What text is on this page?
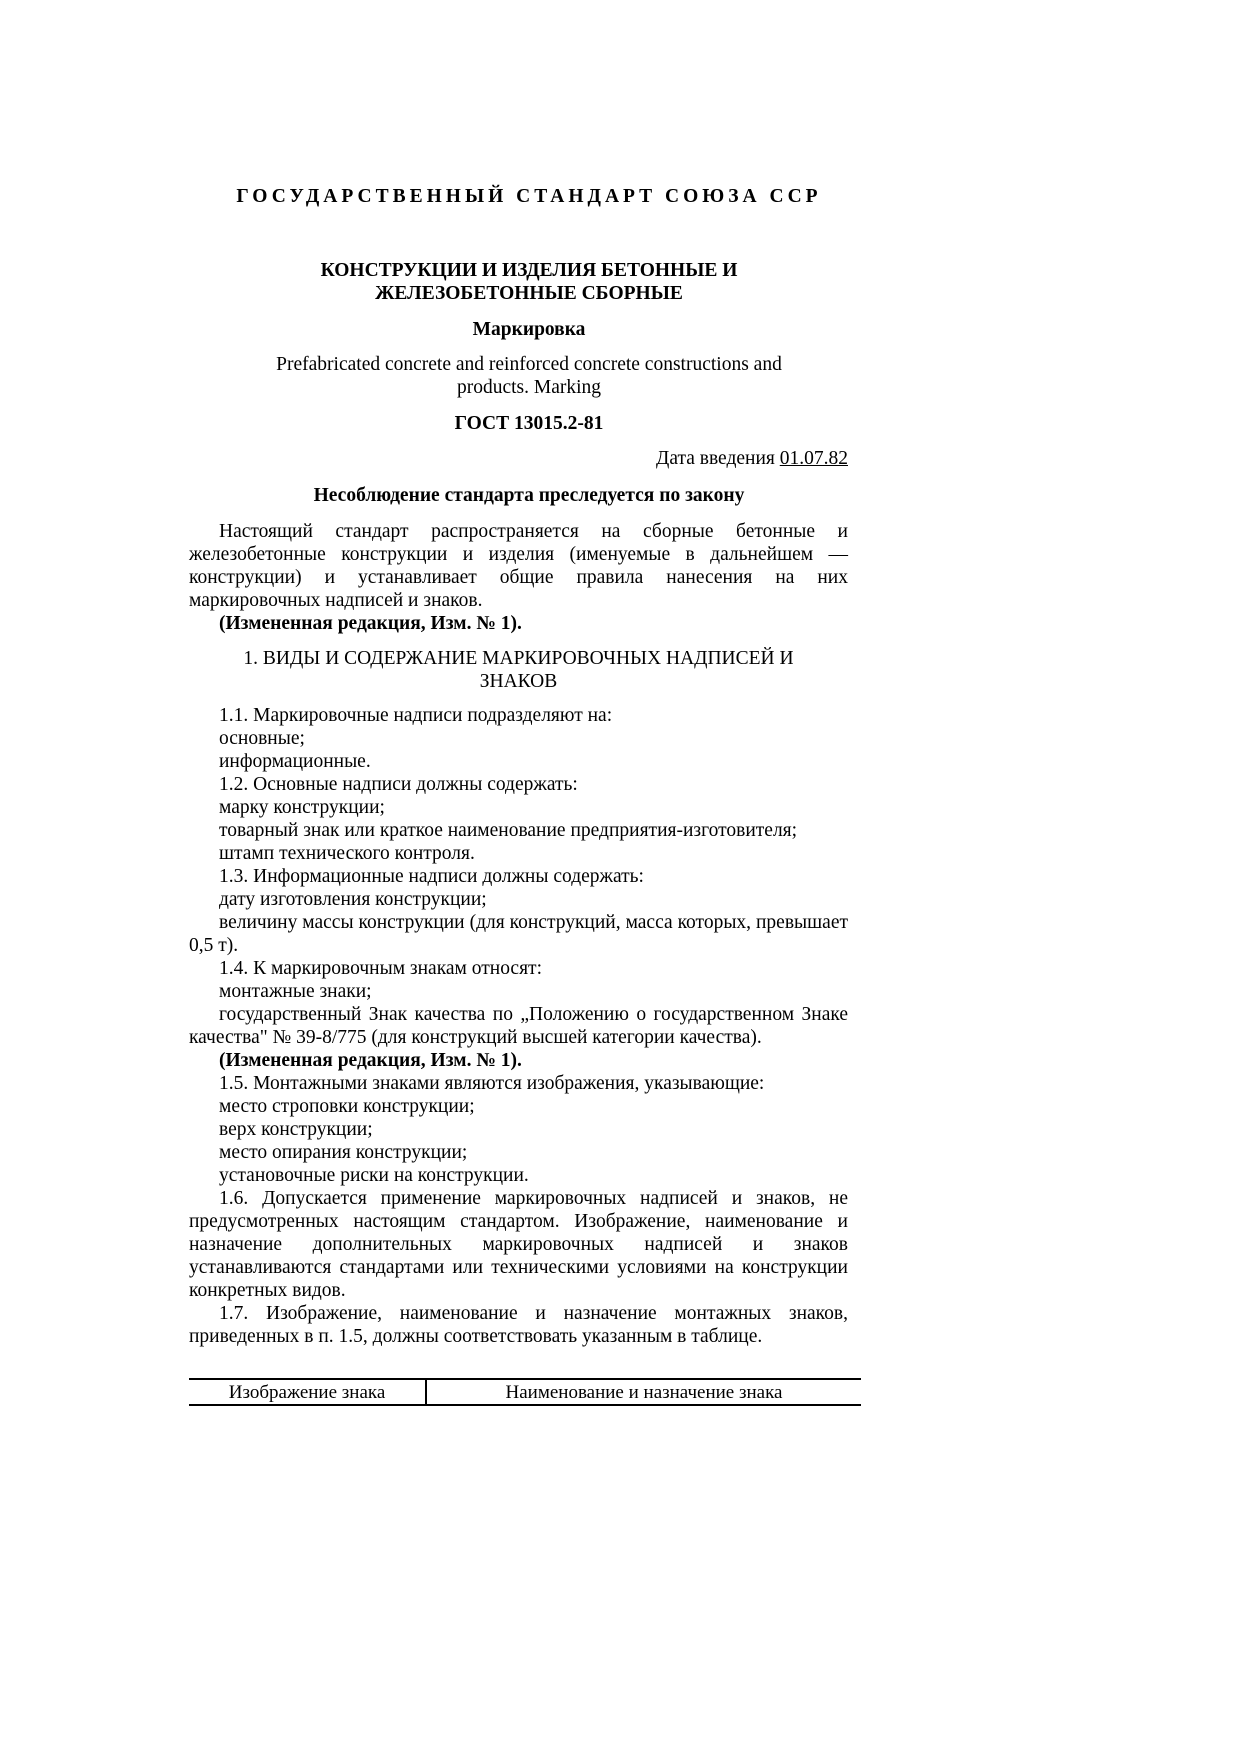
ГОСУДАРСТВЕННЫЙ СТАНДАРТ СОЮЗА ССР
КОНСТРУКЦИИ И ИЗДЕЛИЯ БЕТОННЫЕ И
ЖЕЛЕЗОБЕТОННЫЕ СБОРНЫЕ
Маркировка
Prefabricated concrete and reinforced concrete constructions and products. Marking
ГОСТ 13015.2-81
Дата введения 01.07.82
Несоблюдение стандарта преследуется по закону

Настоящий стандарт распространяется на сборные бетонные и железобетонные конструкции и изделия (именуемые в дальнейшем — конструкции) и устанавливает общие правила нанесения на них маркировочных надписей и знаков.

(Измененная редакция, Изм. № 1).

1. ВИДЫ И СОДЕРЖАНИЕ МАРКИРОВОЧНЫХ НАДПИСЕЙ И ЗНАКОВ

1.1. Маркировочные надписи подразделяют на:

основные;

информационные.

1.2. Основные надписи должны содержать:

марку конструкции;

товарный знак или краткое наименование предприятия-изготовителя;

штамп технического контроля.

1.3. Информационные надписи должны содержать:

дату изготовления конструкции;

величину массы конструкции (для конструкций, масса которых, превышает 0,5 т).

1.4. К маркировочным знакам относят:

монтажные знаки;

государственный Знак качества по „Положению о государственном Знаке качества" № 39-8/775 (для конструкций высшей категории качества).

(Измененная редакция, Изм. № 1).

1.5. Монтажными знаками являются изображения, указывающие:

место строповки конструкции;

верх конструкции;

место опирания конструкции;

установочные риски на конструкции.

1.6. Допускается применение маркировочных надписей и знаков, не предусмотренных настоящим стандартом. Изображение, наименование и назначение дополнительных маркировочных надписей и знаков устанавливаются стандартами или техническими условиями на конструкции конкретных видов.

1.7. Изображение, наименование и назначение монтажных знаков, приведенных в п. 1.5, должны соответствовать указанным в таблице.

Изображение знака	Наименование и назначение знака
